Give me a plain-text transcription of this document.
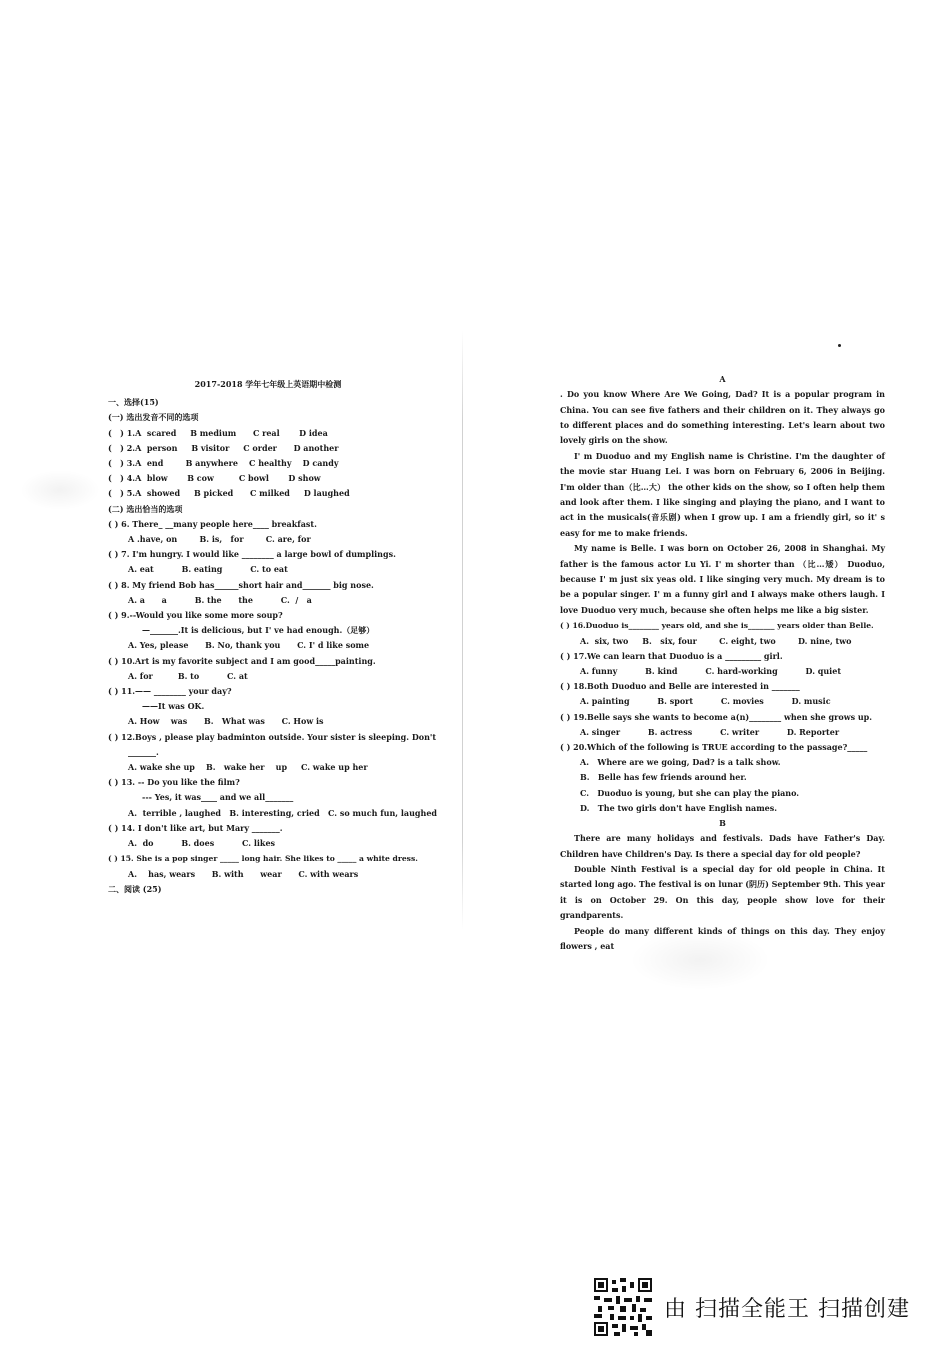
2017-2018 学年七年级上英语期中检测
一、选择(15)
(一) 选出发音不同的选项
(   ) 1.A  scared     B medium      C real       D idea
(   ) 2.A  person     B visitor     C order      D another
(   ) 3.A  end        B anywhere    C healthy    D candy
(   ) 4.A  blow       B cow         C bowl       D show
(   ) 5.A  showed     B picked      C milked     D laughed
(二) 选出恰当的选项
( ) 6. There_ __many people here____ breakfast.
A .have, on        B. is,   for        C. are, for
( ) 7. I'm hungry. I would like ________ a large bowl of dumplings.
A. eat          B. eating          C. to eat
( ) 8. My friend Bob has______short hair and_______ big nose.
A. a      a          B. the      the          C.  /   a
( ) 9.--Would you like some more soup?
—_______.It is delicious, but I' ve had enough.（足够）
A. Yes, please      B. No, thank you      C. I' d like some
( ) 10.Art is my favorite subject and I am good_____painting.
A. for         B. to          C. at
( ) 11.—— ________ your day?
——It was OK.
A. How    was      B.   What was      C. How is
( ) 12.Boys , please play badminton outside. Your sister is sleeping. Don't
_______.
A. wake she up    B.   wake her    up     C. wake up her
( ) 13. -- Do you like the film?
--- Yes, it was____ and we all_______
A.  terrible , laughed   B. interesting, cried   C. so much fun, laughed
( ) 14. I don't like art, but Mary _______.
A.  do          B. does          C. likes
( ) 15. She is a pop singer _____ long hair. She likes to _____ a white dress.
A.    has, wears      B. with      wear      C. with wears
二、阅读 (25)
A
. Do you know Where Are We Going, Dad? It is a popular program in China. You can see five fathers and their children on it. They always go to different places and do something interesting. Let's learn about two lovely girls on the show.
I' m Duoduo and my English name is Christine. I'm the daughter of the movie star Huang Lei. I was born on February 6, 2006 in Beijing. I'm older than（比…大） the other kids on the show, so I often help them and look after them. I like singing and playing the piano, and I want to act in the musicals(音乐剧) when I grow up. I am a friendly girl, so it' s easy for me to make friends.
My name is Belle. I was born on October 26, 2008 in Shanghai. My father is the famous actor Lu Yi. I' m shorter than （比…矮） Duoduo, because I' m just six yeas old. I like singing very much. My dream is to be a popular singer. I' m a funny girl and I always make others laugh. I love Duoduo very much, because she often helps me like a big sister.
( ) 16.Duoduo is________ years old, and she is_______ years older than Belle.
A.  six, two     B.   six, four        C. eight, two        D. nine, two
( ) 17.We can learn that Duoduo is a _________ girl.
A. funny          B. kind          C. hard-working          D. quiet
( ) 18.Both Duoduo and Belle are interested in _______
A. painting          B. sport          C. movies          D. music
( ) 19.Belle says she wants to become a(n)________ when she grows up.
A. singer          B. actress          C. writer          D. Reporter
( ) 20.Which of the following is TRUE according to the passage?_____
A.   Where are we going, Dad? is a talk show.
B.   Belle has few friends around her.
C.   Duoduo is young, but she can play the piano.
D.   The two girls don't have English names.
B
There are many holidays and festivals. Dads have Father's Day. Children have Children's Day. Is there a special day for old people?
Double Ninth Festival is a special day for old people in China. It started long ago. The festival is on lunar (阴历) September 9th. This year it is on October 29. On this day, people show love for their grandparents.
People do many different kinds of things on this day. They enjoy flowers , eat
由 扫描全能王 扫描创建
